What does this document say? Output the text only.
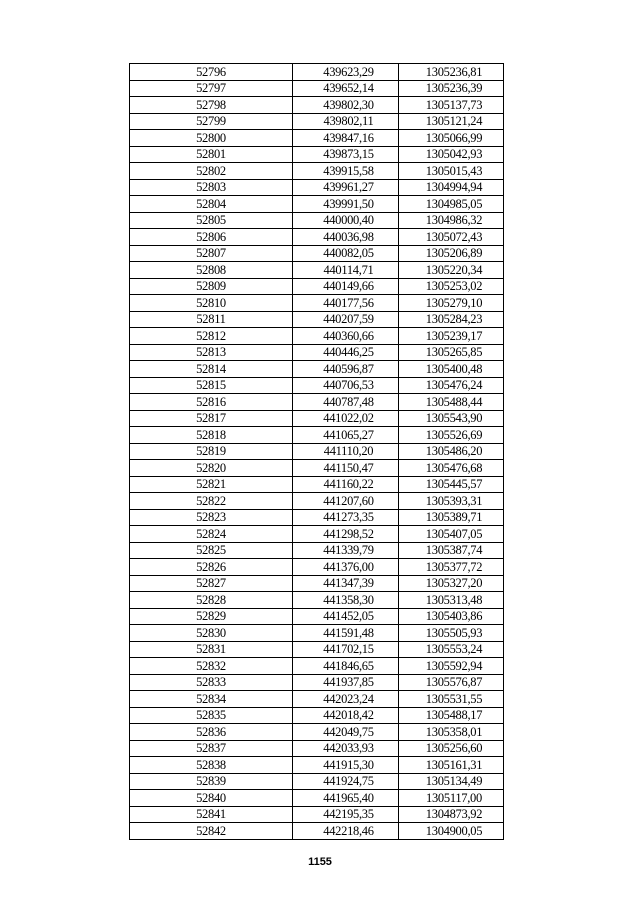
52796	439623,29	1305236,81
52797	439652,14	1305236,39
52798	439802,30	1305137,73
52799	439802,11	1305121,24
52800	439847,16	1305066,99
52801	439873,15	1305042,93
52802	439915,58	1305015,43
52803	439961,27	1304994,94
52804	439991,50	1304985,05
52805	440000,40	1304986,32
52806	440036,98	1305072,43
52807	440082,05	1305206,89
52808	440114,71	1305220,34
52809	440149,66	1305253,02
52810	440177,56	1305279,10
52811	440207,59	1305284,23
52812	440360,66	1305239,17
52813	440446,25	1305265,85
52814	440596,87	1305400,48
52815	440706,53	1305476,24
52816	440787,48	1305488,44
52817	441022,02	1305543,90
52818	441065,27	1305526,69
52819	441110,20	1305486,20
52820	441150,47	1305476,68
52821	441160,22	1305445,57
52822	441207,60	1305393,31
52823	441273,35	1305389,71
52824	441298,52	1305407,05
52825	441339,79	1305387,74
52826	441376,00	1305377,72
52827	441347,39	1305327,20
52828	441358,30	1305313,48
52829	441452,05	1305403,86
52830	441591,48	1305505,93
52831	441702,15	1305553,24
52832	441846,65	1305592,94
52833	441937,85	1305576,87
52834	442023,24	1305531,55
52835	442018,42	1305488,17
52836	442049,75	1305358,01
52837	442033,93	1305256,60
52838	441915,30	1305161,31
52839	441924,75	1305134,49
52840	441965,40	1305117,00
52841	442195,35	1304873,92
52842	442218,46	1304900,05
1155
